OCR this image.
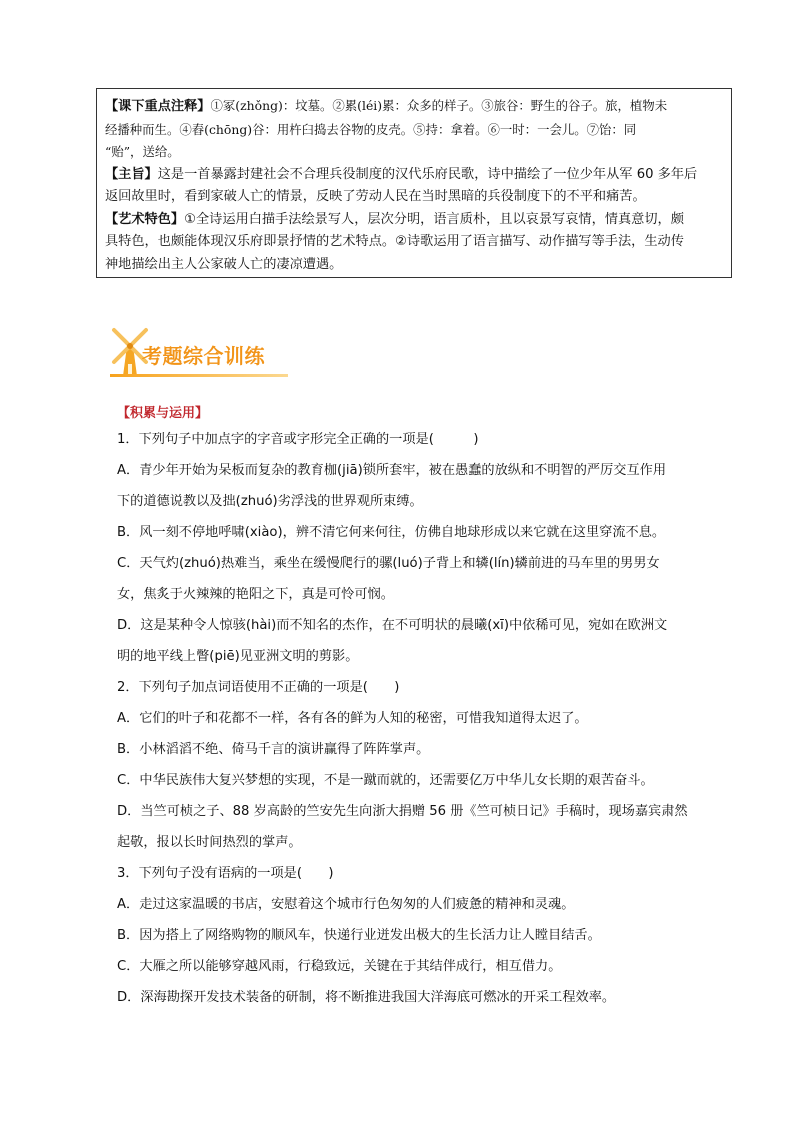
【课下重点注释】①冢(zhǒng)：坟墓。②累(léi)累：众多的样子。③旅谷：野生的谷子。旅，植物未

经播种而生。④舂(chōng)谷：用杵臼捣去谷物的皮壳。⑤持：拿着。⑥一时：一会儿。⑦饴：同

“贻”，送给。

【主旨】这是一首暴露封建社会不合理兵役制度的汉代乐府民歌，诗中描绘了一位少年从军 60 多年后

返回故里时，看到家破人亡的情景，反映了劳动人民在当时黑暗的兵役制度下的不平和痛苦。

【艺术特色】①全诗运用白描手法绘景写人，层次分明，语言质朴，且以哀景写哀情，情真意切，颇

具特色，也颇能体现汉乐府即景抒情的艺术特点。②诗歌运用了语言描写、动作描写等手法，生动传

神地描绘出主人公家破人亡的凄凉遭遇。

考题综合训练
【积累与运用】

1．下列句子中加点字的字音或字形完全正确的一项是(　　　)

A．青少年开始为呆板而复杂的教育枷(jiā)锁所套牢，被在愚蠢的放纵和不明智的严厉交互作用

下的道德说教以及拙(zhuó)劣浮浅的世界观所束缚。

B．风一刻不停地呼啸(xiào)，辨不清它何来何往，仿佛自地球形成以来它就在这里穿流不息。

C．天气灼(zhuó)热难当，乘坐在缓慢爬行的骡(luó)子背上和辚(lín)辚前进的马车里的男男女

女，焦炙于火辣辣的艳阳之下，真是可怜可悯。

D．这是某种令人惊骇(hài)而不知名的杰作，在不可明状的晨曦(xī)中依稀可见，宛如在欧洲文

明的地平线上瞥(piē)见亚洲文明的剪影。

2．下列句子加点词语使用不正确的一项是(　　)

A．它们的叶子和花都不一样，各有各的鲜为人知的秘密，可惜我知道得太迟了。

B．小林滔滔不绝、倚马千言的演讲赢得了阵阵掌声。

C．中华民族伟大复兴梦想的实现，不是一蹴而就的，还需要亿万中华儿女长期的艰苦奋斗。

D．当竺可桢之子、88 岁高龄的竺安先生向浙大捐赠 56 册《竺可桢日记》手稿时，现场嘉宾肃然

起敬，报以长时间热烈的掌声。

3．下列句子没有语病的一项是(　　)

A．走过这家温暖的书店，安慰着这个城市行色匆匆的人们疲惫的精神和灵魂。

B．因为搭上了网络购物的顺风车，快递行业迸发出极大的生长活力让人瞠目结舌。

C．大雁之所以能够穿越风雨，行稳致远，关键在于其结伴成行，相互借力。

D．深海勘探开发技术装备的研制，将不断推进我国大洋海底可燃冰的开采工程效率。
